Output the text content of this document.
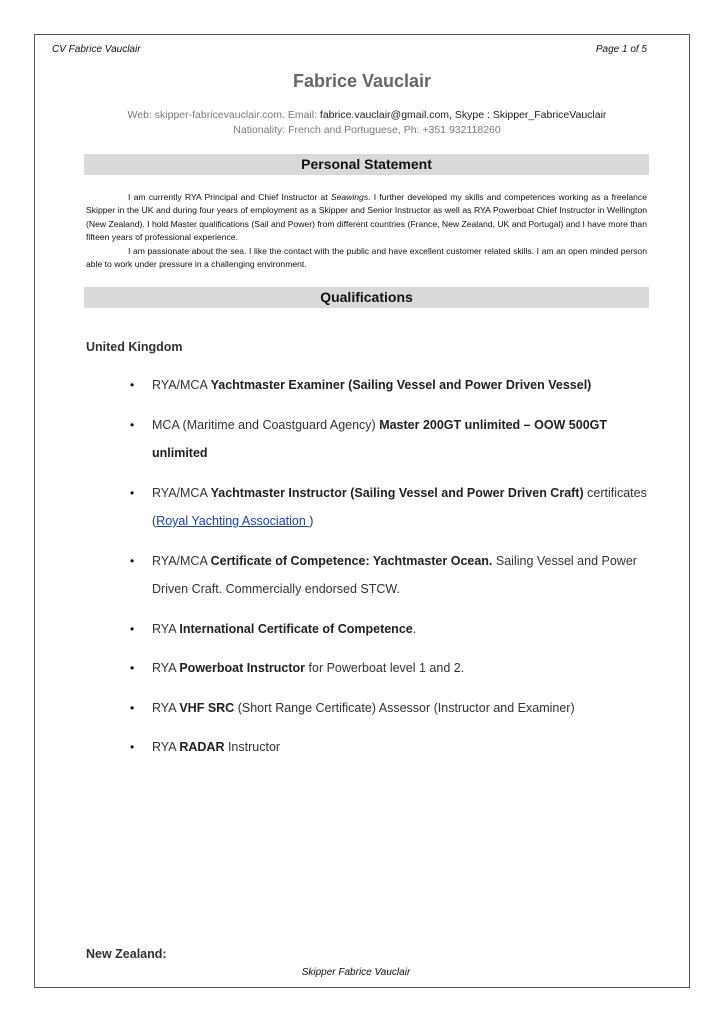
CV Fabrice Vauclair	Page 1 of 5
Fabrice Vauclair
Web: skipper-fabricevauclair.com. Email: fabrice.vauclair@gmail.com, Skype : Skipper_FabriceVauclair
Nationality: French and Portuguese, Ph: +351 932118260
Personal Statement

I am currently RYA Principal and Chief Instructor at Seawings. I further developed my skills and competences working as a freelance Skipper in the UK and during four years of employment as a Skipper and Senior Instructor as well as RYA Powerboat Chief Instructor in Wellington (New Zealand). I hold Master qualifications (Sail and Power) from different countries (France, New Zealand, UK and Portugal) and I have more than fifteen years of professional experience.

I am passionate about the sea. I like the contact with the public and have excellent customer related skills. I am an open minded person able to work under pressure in a challenging environment.

Qualifications
United Kingdom
• RYA/MCA Yachtmaster Examiner (Sailing Vessel and Power Driven Vessel)
• MCA (Maritime and Coastguard Agency) Master 200GT unlimited – OOW 500GT unlimited
• RYA/MCA Yachtmaster Instructor (Sailing Vessel and Power Driven Craft) certificates (Royal Yachting Association )
• RYA/MCA Certificate of Competence: Yachtmaster Ocean. Sailing Vessel and Power Driven Craft. Commercially endorsed STCW.
• RYA International Certificate of Competence.
• RYA Powerboat Instructor for Powerboat level 1 and 2.
• RYA VHF SRC (Short Range Certificate) Assessor (Instructor and Examiner)
• RYA RADAR Instructor
New Zealand:
Skipper Fabrice Vauclair
